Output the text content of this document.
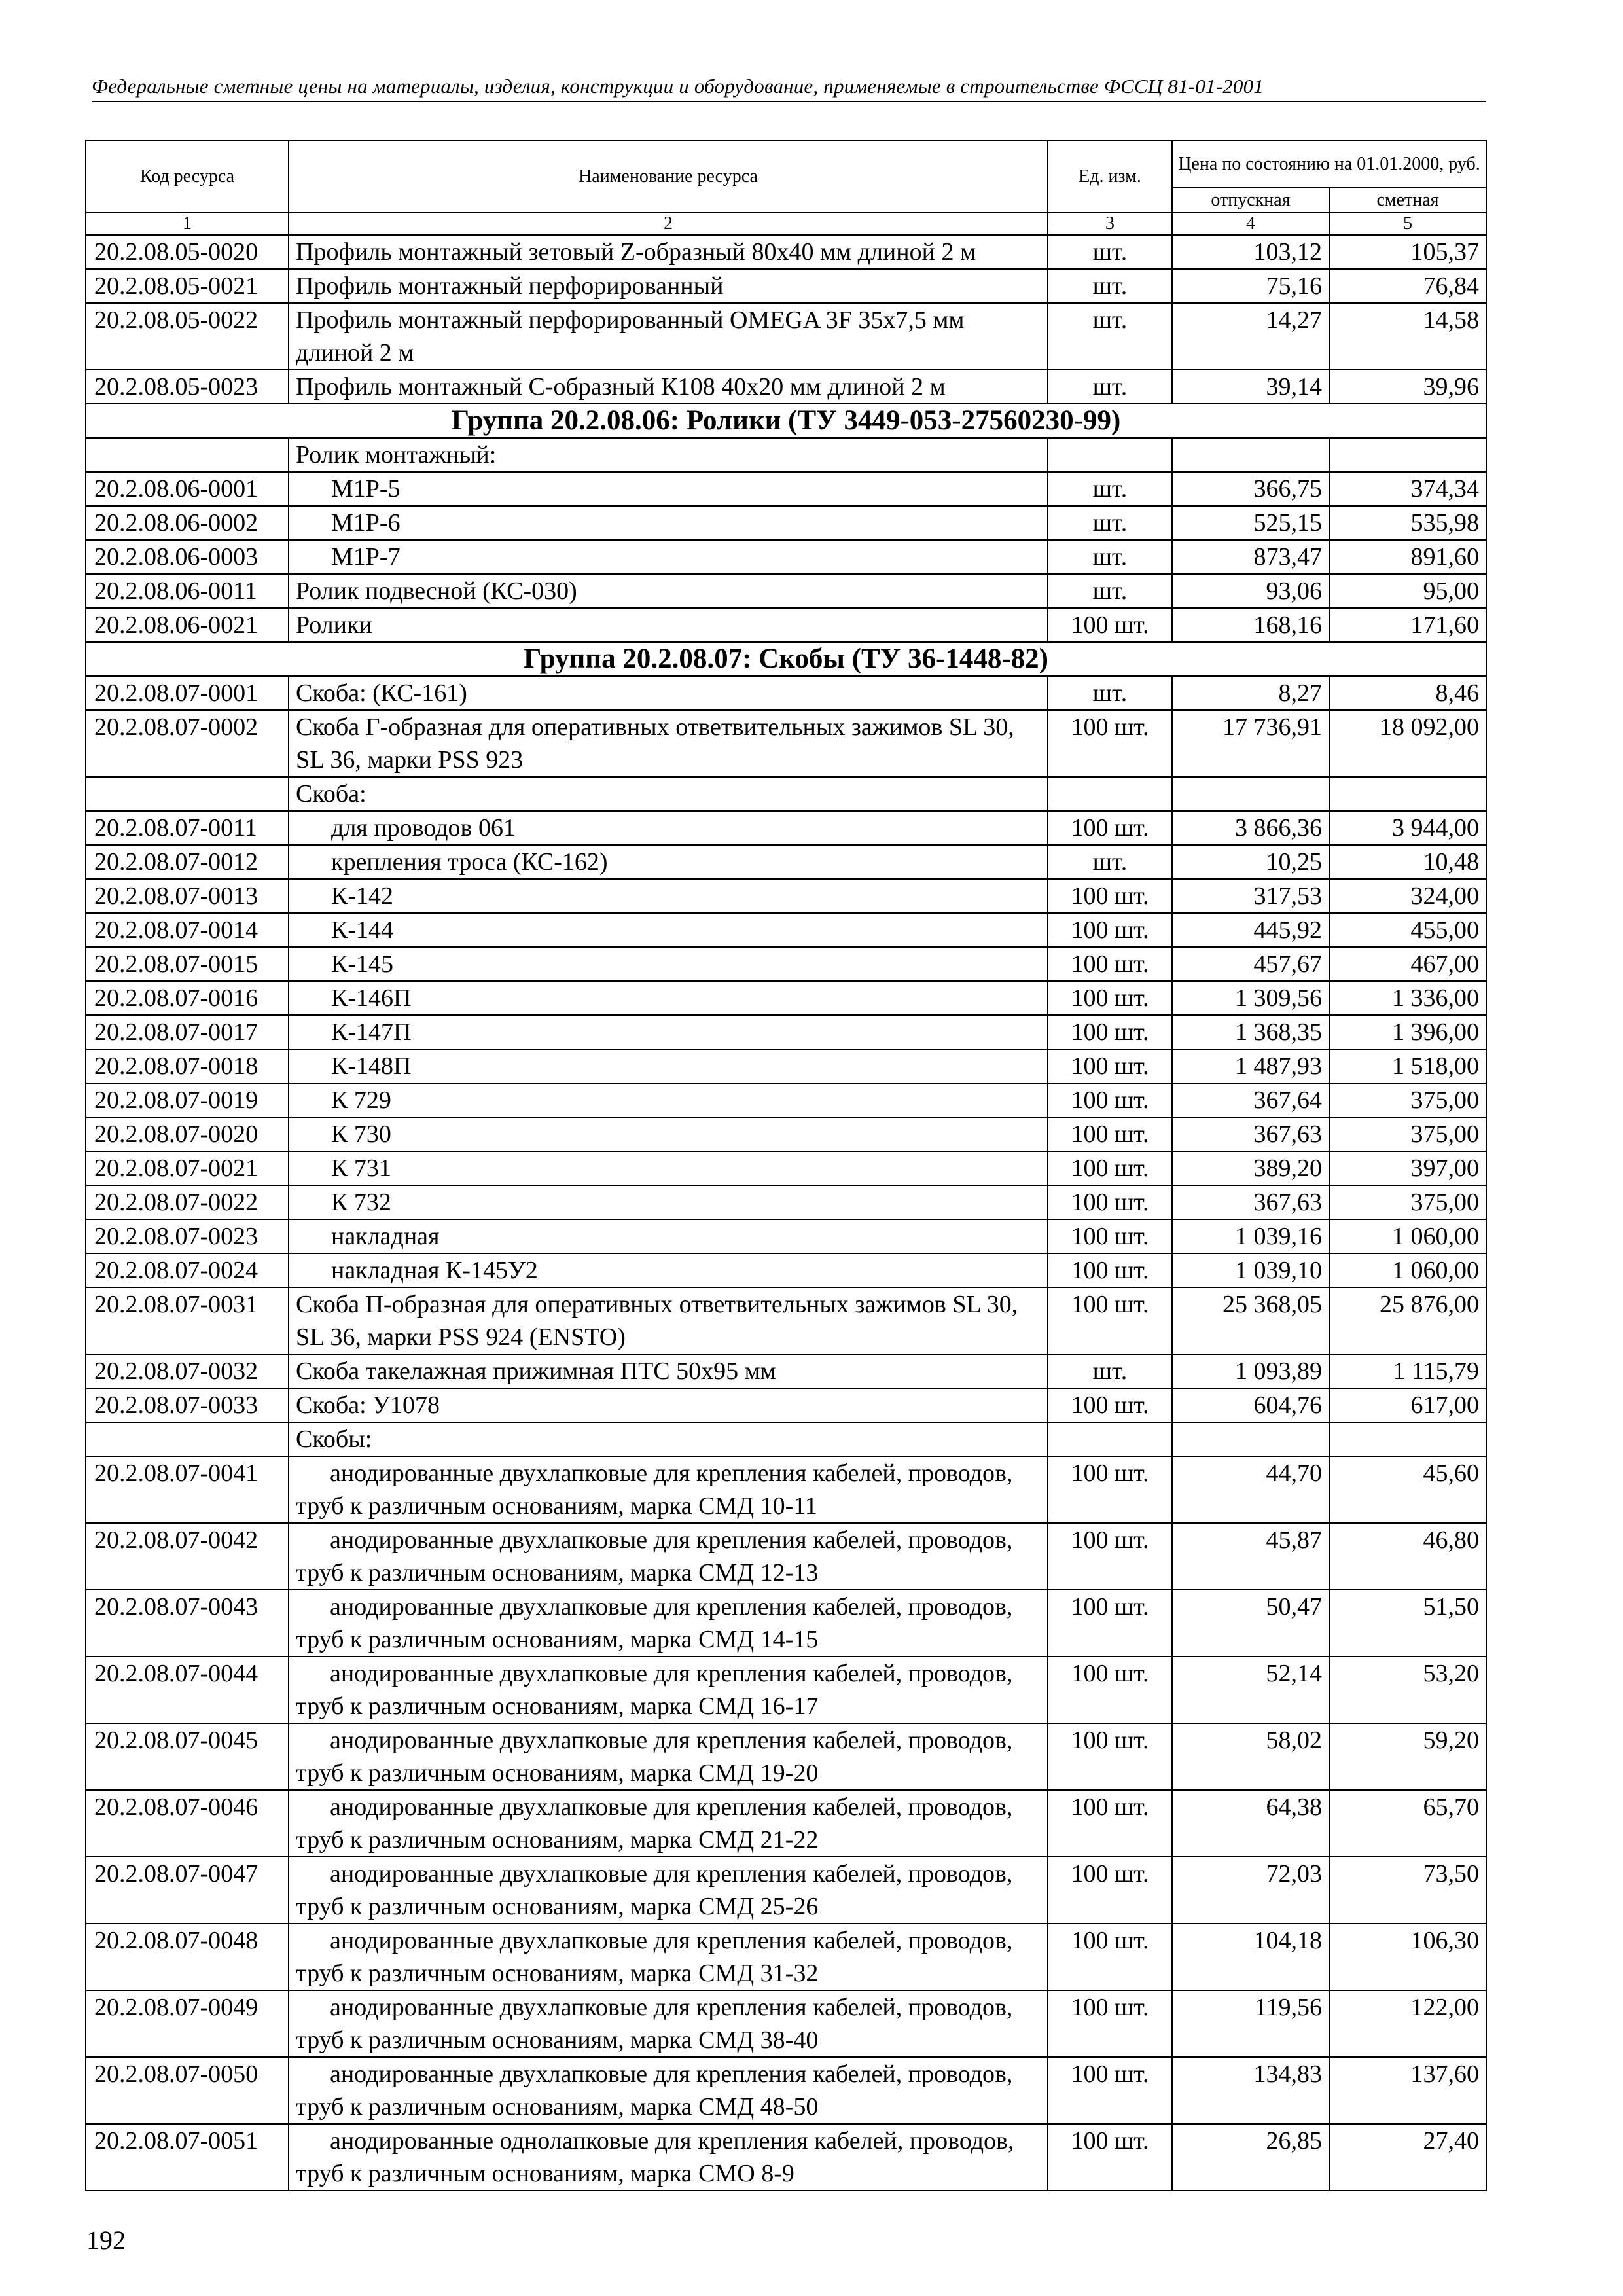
Федеральные сметные цены на материалы, изделия, конструкции и оборудование, применяемые в строительстве ФССЦ 81-01-2001
Код ресурса	Наименование ресурса	Ед. изм.	Цена по состоянию на 01.01.2000, руб.	
			отпускная	сметная
1	2	3	4	5
20.2.08.05-0020	Профиль монтажный зетовый Z-образный 80x40 мм длиной 2 м	шт.	103,12	105,37
20.2.08.05-0021	Профиль монтажный перфорированный	шт.	75,16	76,84
20.2.08.05-0022	Профиль монтажный перфорированный OMEGA 3F 35x7,5 мм длиной 2 м	шт.	14,27	14,58
20.2.08.05-0023	Профиль монтажный С-образный К108 40x20 мм длиной 2 м	шт.	39,14	39,96
Группа 20.2.08.06: Ролики (ТУ 3449-053-27560230-99)				
	Ролик монтажный:			
20.2.08.06-0001	М1Р-5	шт.	366,75	374,34
20.2.08.06-0002	М1Р-6	шт.	525,15	535,98
20.2.08.06-0003	М1Р-7	шт.	873,47	891,60
20.2.08.06-0011	Ролик подвесной (КС-030)	шт.	93,06	95,00
20.2.08.06-0021	Ролики	100 шт.	168,16	171,60
Группа 20.2.08.07: Скобы (ТУ 36-1448-82)				
20.2.08.07-0001	Скоба: (КС-161)	шт.	8,27	8,46
20.2.08.07-0002	Скоба Г-образная для оперативных ответвительных зажимов SL 30, SL 36, марки PSS 923	100 шт.	17 736,91	18 092,00
	Скоба:			
20.2.08.07-0011	для проводов 061	100 шт.	3 866,36	3 944,00
20.2.08.07-0012	крепления троса (КС-162)	шт.	10,25	10,48
20.2.08.07-0013	К-142	100 шт.	317,53	324,00
20.2.08.07-0014	К-144	100 шт.	445,92	455,00
20.2.08.07-0015	К-145	100 шт.	457,67	467,00
20.2.08.07-0016	К-146П	100 шт.	1 309,56	1 336,00
20.2.08.07-0017	К-147П	100 шт.	1 368,35	1 396,00
20.2.08.07-0018	К-148П	100 шт.	1 487,93	1 518,00
20.2.08.07-0019	К 729	100 шт.	367,64	375,00
20.2.08.07-0020	К 730	100 шт.	367,63	375,00
20.2.08.07-0021	К 731	100 шт.	389,20	397,00
20.2.08.07-0022	К 732	100 шт.	367,63	375,00
20.2.08.07-0023	накладная	100 шт.	1 039,16	1 060,00
20.2.08.07-0024	накладная К-145У2	100 шт.	1 039,10	1 060,00
20.2.08.07-0031	Скоба П-образная для оперативных ответвительных зажимов SL 30, SL 36, марки PSS 924 (ENSTO)	100 шт.	25 368,05	25 876,00
20.2.08.07-0032	Скоба такелажная прижимная ПТС 50x95 мм	шт.	1 093,89	1 115,79
20.2.08.07-0033	Скоба: У1078	100 шт.	604,76	617,00
	Скобы:			
20.2.08.07-0041	анодированные двухлапковые для крепления кабелей, проводов, труб к различным основаниям, марка СМД 10-11	100 шт.	44,70	45,60
20.2.08.07-0042	анодированные двухлапковые для крепления кабелей, проводов, труб к различным основаниям, марка СМД 12-13	100 шт.	45,87	46,80
20.2.08.07-0043	анодированные двухлапковые для крепления кабелей, проводов, труб к различным основаниям, марка СМД 14-15	100 шт.	50,47	51,50
20.2.08.07-0044	анодированные двухлапковые для крепления кабелей, проводов, труб к различным основаниям, марка СМД 16-17	100 шт.	52,14	53,20
20.2.08.07-0045	анодированные двухлапковые для крепления кабелей, проводов, труб к различным основаниям, марка СМД 19-20	100 шт.	58,02	59,20
20.2.08.07-0046	анодированные двухлапковые для крепления кабелей, проводов, труб к различным основаниям, марка СМД 21-22	100 шт.	64,38	65,70
20.2.08.07-0047	анодированные двухлапковые для крепления кабелей, проводов, труб к различным основаниям, марка СМД 25-26	100 шт.	72,03	73,50
20.2.08.07-0048	анодированные двухлапковые для крепления кабелей, проводов, труб к различным основаниям, марка СМД 31-32	100 шт.	104,18	106,30
20.2.08.07-0049	анодированные двухлапковые для крепления кабелей, проводов, труб к различным основаниям, марка СМД 38-40	100 шт.	119,56	122,00
20.2.08.07-0050	анодированные двухлапковые для крепления кабелей, проводов, труб к различным основаниям, марка СМД 48-50	100 шт.	134,83	137,60
20.2.08.07-0051	анодированные однолапковые для крепления кабелей, проводов, труб к различным основаниям, марка СМО 8-9	100 шт.	26,85	27,40
192
